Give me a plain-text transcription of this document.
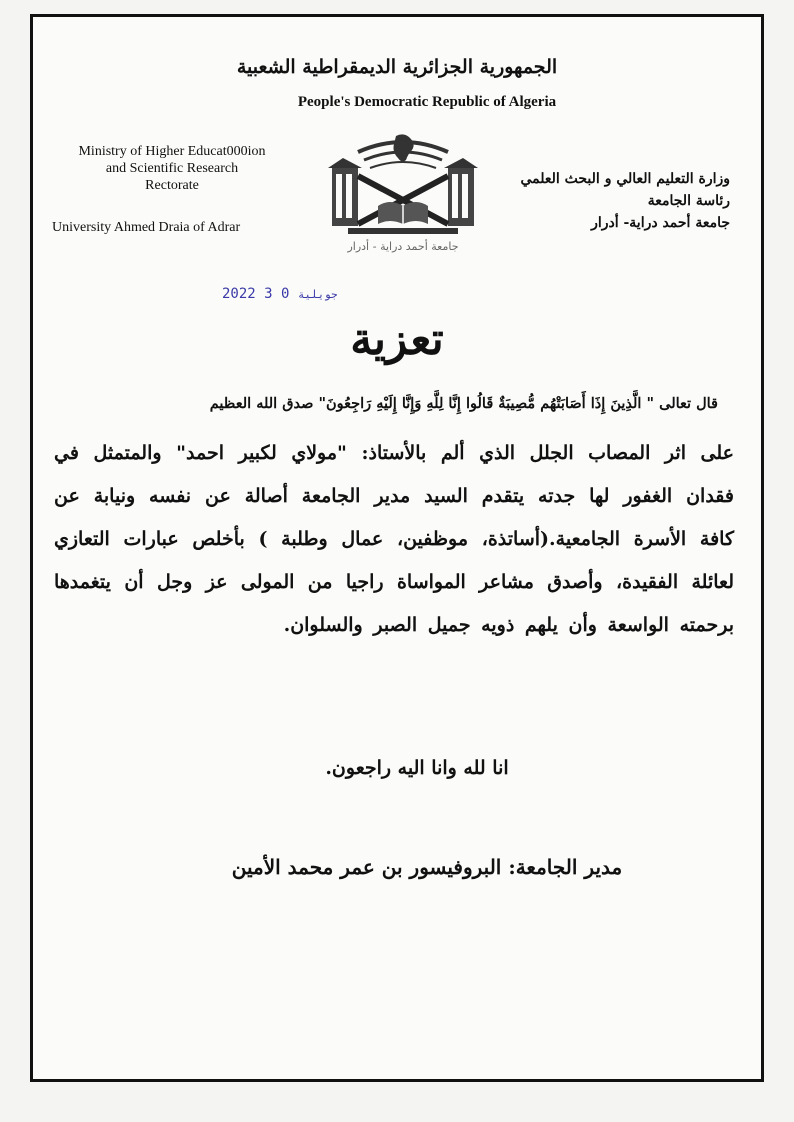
الجمهورية الجزائرية الديمقراطية الشعبية
People's Democratic Republic of Algeria
Ministry of Higher Educat000ion
and Scientific Research
Rectorate
University Ahmed Draia of Adrar
وزارة التعليم العالي و البحث العلمي
رئاسة الجامعة
جامعة أحمد دراية- أدرار
جامعة أحمد دراية - أدرار
2022	جويلية 0 3
تعزية
قال تعالى " الَّذِينَ إِذَا أَصَابَتْهُم مُّصِيبَةٌ قَالُوا إِنَّا لِلَّهِ وَإِنَّا إِلَيْهِ رَاجِعُونَ" صدق الله العظيم
على اثر المصاب الجلل الذي ألم بالأستاذ: "مولاي لكبير احمد" والمتمثل في فقدان الغفور لها جدته يتقدم السيد مدير الجامعة أصالة عن نفسه ونيابة عن كافة الأسرة الجامعية.(أساتذة، موظفين، عمال وطلبة ) بأخلص عبارات التعازي لعائلة الفقيدة، وأصدق مشاعر المواساة راجيا من المولى عز وجل أن يتغمدها برحمته الواسعة وأن يلهم ذويه جميل الصبر والسلوان.
انا لله وانا اليه راجعون.
مدير الجامعة: البروفيسور بن عمر محمد الأمين
